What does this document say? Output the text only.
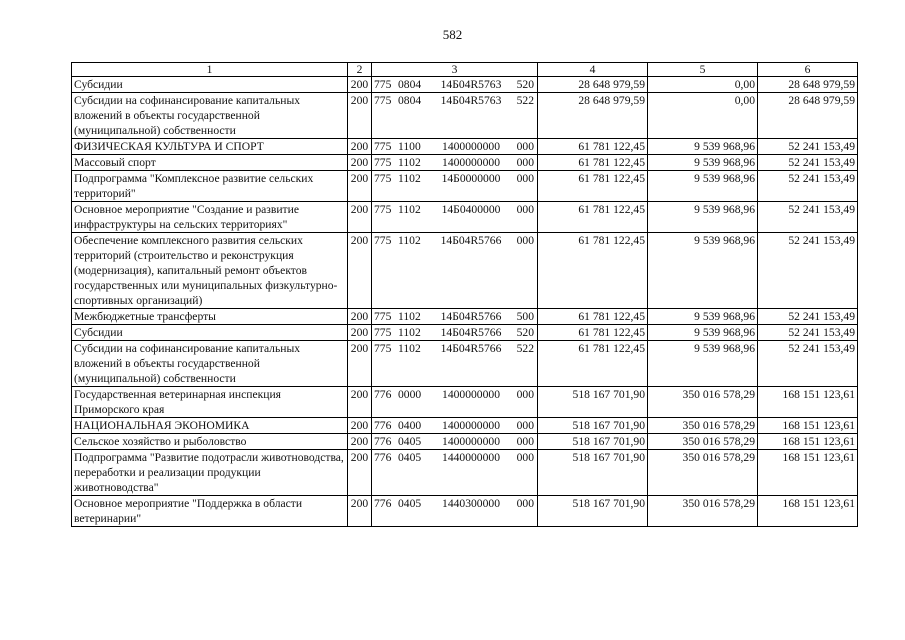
582
1	2	3	4	5	6
Субсидии	200	775 0804 14Б04R5763 520	28 648 979,59	0,00	28 648 979,59
Субсидии на софинансирование капитальных вложений в объекты государственной (муниципальной) собственности	200	775 0804 14Б04R5763 522	28 648 979,59	0,00	28 648 979,59
ФИЗИЧЕСКАЯ КУЛЬТУРА И СПОРТ	200	775 1100 1400000000 000	61 781 122,45	9 539 968,96	52 241 153,49
Массовый спорт	200	775 1102 1400000000 000	61 781 122,45	9 539 968,96	52 241 153,49
Подпрограмма "Комплексное развитие сельских территорий"	200	775 1102 14Б0000000 000	61 781 122,45	9 539 968,96	52 241 153,49
Основное мероприятие "Создание и развитие инфраструктуры на сельских территориях"	200	775 1102 14Б0400000 000	61 781 122,45	9 539 968,96	52 241 153,49
Обеспечение комплексного развития сельских территорий (строительство и реконструкция (модернизация), капитальный ремонт объектов государственных или муниципальных физкультурно-спортивных организаций)	200	775 1102 14Б04R5766 000	61 781 122,45	9 539 968,96	52 241 153,49
Межбюджетные трансферты	200	775 1102 14Б04R5766 500	61 781 122,45	9 539 968,96	52 241 153,49
Субсидии	200	775 1102 14Б04R5766 520	61 781 122,45	9 539 968,96	52 241 153,49
Субсидии на софинансирование капитальных вложений в объекты государственной (муниципальной) собственности	200	775 1102 14Б04R5766 522	61 781 122,45	9 539 968,96	52 241 153,49
Государственная ветеринарная инспекция Приморского края	200	776 0000 1400000000 000	518 167 701,90	350 016 578,29	168 151 123,61
НАЦИОНАЛЬНАЯ ЭКОНОМИКА	200	776 0400 1400000000 000	518 167 701,90	350 016 578,29	168 151 123,61
Сельское хозяйство и рыболовство	200	776 0405 1400000000 000	518 167 701,90	350 016 578,29	168 151 123,61
Подпрограмма "Развитие подотрасли животноводства, переработки и реализации продукции животноводства"	200	776 0405 1440000000 000	518 167 701,90	350 016 578,29	168 151 123,61
Основное мероприятие "Поддержка в области ветеринарии"	200	776 0405 1440300000 000	518 167 701,90	350 016 578,29	168 151 123,61
